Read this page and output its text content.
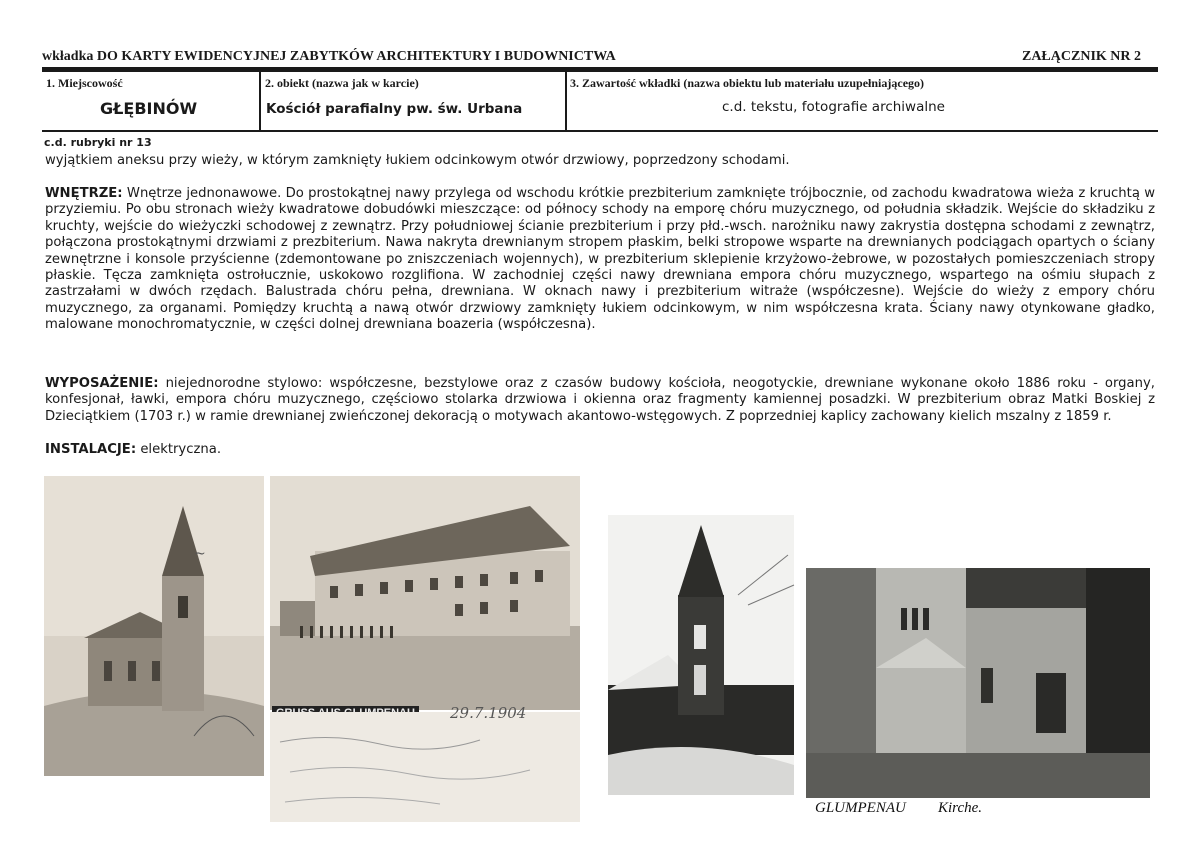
wkładka DO KARTY EWIDENCYJNEJ ZABYTKÓW ARCHITEKTURY I BUDOWNICTWA	ZAŁĄCZNIK NR 2
1. Miejscowość
GŁĘBINÓW
2. obiekt (nazwa jak w karcie)
Kościół parafialny pw. św. Urbana
3. Zawartość wkładki (nazwa obiektu lub materiału uzupełniającego)
c.d. tekstu, fotografie archiwalne
c.d. rubryki nr 13
wyjątkiem aneksu przy wieży, w którym zamknięty łukiem odcinkowym otwór drzwiowy, poprzedzony schodami.
WNĘTRZE: Wnętrze jednonawowe. Do prostokątnej nawy przylega od wschodu krótkie prezbiterium zamknięte trójbocznie, od zachodu kwadratowa wieża z kruchtą w przyziemiu. Po obu stronach wieży kwadratowe dobudówki mieszczące: od północy schody na emporę chóru muzycznego, od południa składzik. Wejście do składziku z kruchty, wejście do wieżyczki schodowej z zewnątrz. Przy południowej ścianie prezbiterium i przy płd.-wsch. narożniku nawy zakrystia dostępna schodami z zewnątrz, połączona prostokątnymi drzwiami z prezbiterium. Nawa nakryta drewnianym stropem płaskim, belki stropowe wsparte na drewnianych podciągach opartych o ściany zewnętrzne i konsole przyścienne (zdemontowane po zniszczeniach wojennych), w prezbiterium sklepienie krzyżowo-żebrowe, w pozostałych pomieszczeniach stropy płaskie. Tęcza zamknięta ostrołucznie, uskokowo rozglifiona. W zachodniej części nawy drewniana empora chóru muzycznego, wspartego na ośmiu słupach z zastrzałami w dwóch rzędach. Balustrada chóru pełna, drewniana. W oknach nawy i prezbiterium witraże (współczesne). Wejście do wieży z empory chóru muzycznego, za organami. Pomiędzy kruchtą a nawą otwór drzwiowy zamknięty łukiem odcinkowym, w nim współczesna krata. Ściany nawy otynkowane gładko, malowane monochromatycznie, w części dolnej drewniana boazeria (współczesna).
WYPOSAŻENIE: niejednorodne stylowo: współczesne, bezstylowe oraz z czasów budowy kościoła, neogotyckie, drewniane wykonane około 1886 roku - organy, konfesjonał, ławki, empora chóru muzycznego, częściowo stolarka drzwiowa i okienna oraz fragmenty kamiennej posadzki. W prezbiterium obraz Matki Boskiej z Dzieciątkiem (1703 r.) w ramie drewnianej zwieńczonej dekoracją o motywach akantowo-wstęgowych. Z poprzedniej kaplicy zachowany kielich mszalny z 1859 r.
INSTALACJE: elektryczna.
~
29.7.1904
GLUMPENAU Kirche.
